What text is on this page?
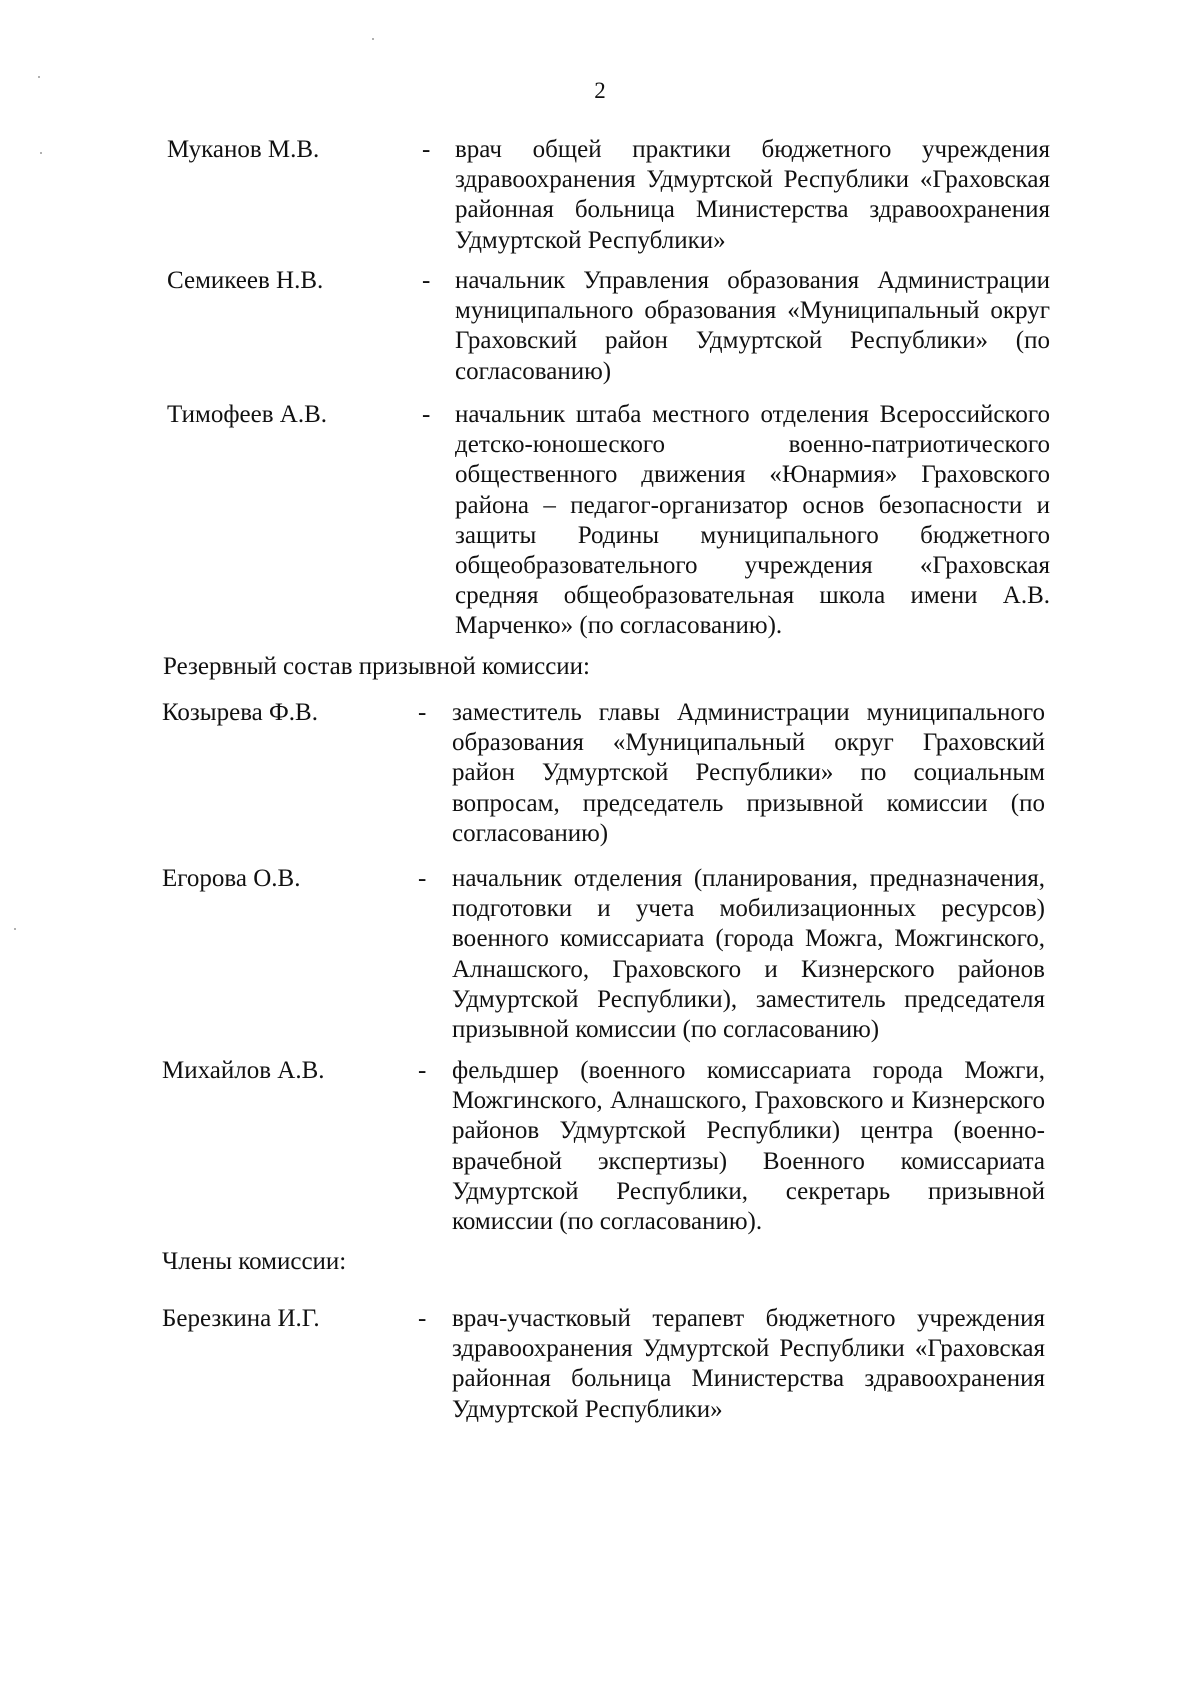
2
Муканов М.В.	- врач общей практики бюджетного учреждения здравоохранения Удмуртской Республики «Граховская районная больница Министерства здравоохранения Удмуртской Республики»
Семикеев Н.В.	- начальник Управления образования Администрации муниципального образования «Муниципальный округ Граховский район Удмуртской Республики» (по согласованию)
Тимофеев А.В.	- начальник штаба местного отделения Всероссийского детско-юношеского военно-патриотического общественного движения «Юнармия» Граховского района – педагог-организатор основ безопасности и защиты Родины муниципального бюджетного общеобразовательного учреждения «Граховская средняя общеобразовательная школа имени А.В. Марченко» (по согласованию).
Резервный состав призывной комиссии:
Козырева Ф.В.	- заместитель главы Администрации муниципального образования «Муниципальный округ Граховский район Удмуртской Республики» по социальным вопросам, председатель призывной комиссии (по согласованию)
Егорова О.В.	- начальник отделения (планирования, предназначения, подготовки и учета мобилизационных ресурсов) военного комиссариата (города Можга, Можгинского, Алнашского, Граховского и Кизнерского районов Удмуртской Республики), заместитель председателя призывной комиссии (по согласованию)
Михайлов А.В.	- фельдшер (военного комиссариата города Можги, Можгинского, Алнашского, Граховского и Кизнерского районов Удмуртской Республики) центра (военно-врачебной экспертизы) Военного комиссариата Удмуртской Республики, секретарь призывной комиссии (по согласованию).
Члены комиссии:
Березкина И.Г.	- врач-участковый терапевт бюджетного учреждения здравоохранения Удмуртской Республики «Граховская районная больница Министерства здравоохранения Удмуртской Республики»
